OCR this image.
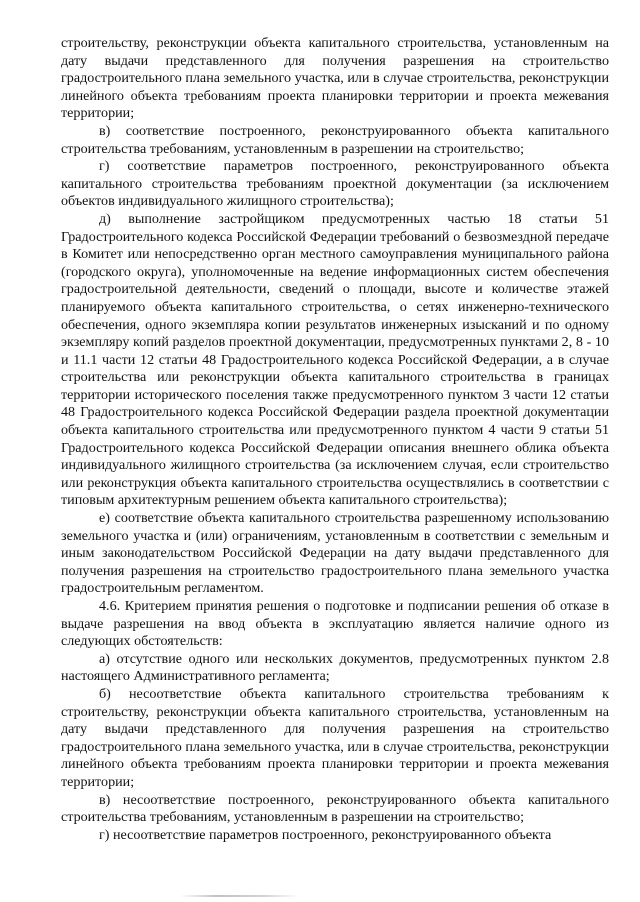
строительству, реконструкции объекта капитального строительства, установленным на дату выдачи представленного для получения разрешения на строительство градостроительного плана земельного участка, или в случае строительства, реконструкции линейного объекта требованиям проекта планировки территории и проекта межевания территории;

в) соответствие построенного, реконструированного объекта капитального строительства требованиям, установленным в разрешении на строительство;

г) соответствие параметров построенного, реконструированного объекта капитального строительства требованиям проектной документации (за исключением объектов индивидуального жилищного строительства);

д) выполнение застройщиком предусмотренных частью 18 статьи 51 Градостроительного кодекса Российской Федерации требований о безвозмездной передаче в Комитет или непосредственно орган местного самоуправления муниципального района (городского округа), уполномоченные на ведение информационных систем обеспечения градостроительной деятельности, сведений о площади, высоте и количестве этажей планируемого объекта капитального строительства, о сетях инженерно-технического обеспечения, одного экземпляра копии результатов инженерных изысканий и по одному экземпляру копий разделов проектной документации, предусмотренных пунктами 2, 8 - 10 и 11.1 части 12 статьи 48 Градостроительного кодекса Российской Федерации, а в случае строительства или реконструкции объекта капитального строительства в границах территории исторического поселения также предусмотренного пунктом 3 части 12 статьи 48 Градостроительного кодекса Российской Федерации раздела проектной документации объекта капитального строительства или предусмотренного пунктом 4 части 9 статьи 51 Градостроительного кодекса Российской Федерации описания внешнего облика объекта индивидуального жилищного строительства (за исключением случая, если строительство или реконструкция объекта капитального строительства осуществлялись в соответствии с типовым архитектурным решением объекта капитального строительства);

е) соответствие объекта капитального строительства разрешенному использованию земельного участка и (или) ограничениям, установленным в соответствии с земельным и иным законодательством Российской Федерации на дату выдачи представленного для получения разрешения на строительство градостроительного плана земельного участка градостроительным регламентом.

4.6. Критерием принятия решения о подготовке и подписании решения об отказе в выдаче разрешения на ввод объекта в эксплуатацию является наличие одного из следующих обстоятельств:

а) отсутствие одного или нескольких документов, предусмотренных пунктом 2.8 настоящего Административного регламента;

б) несоответствие объекта капитального строительства требованиям к строительству, реконструкции объекта капитального строительства, установленным на дату выдачи представленного для получения разрешения на строительство градостроительного плана земельного участка, или в случае строительства, реконструкции линейного объекта требованиям проекта планировки территории и проекта межевания территории;

в) несоответствие построенного, реконструированного объекта капитального строительства требованиям, установленным в разрешении на строительство;

г) несоответствие параметров построенного, реконструированного объекта
